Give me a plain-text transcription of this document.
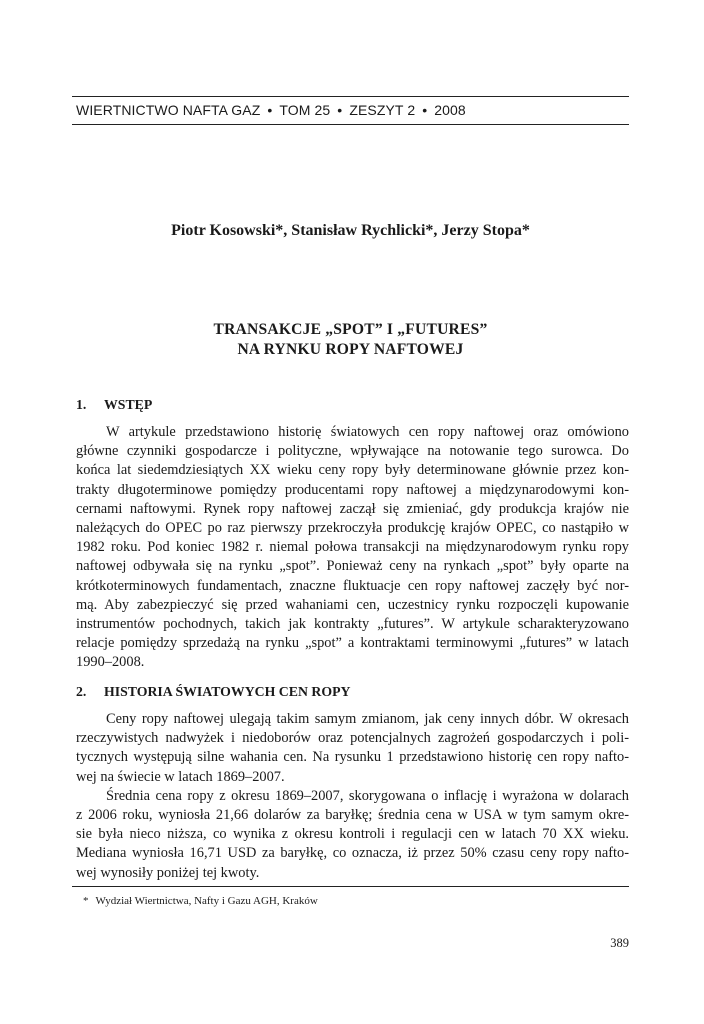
WIERTNICTWO NAFTA GAZ • TOM 25 • ZESZYT 2 • 2008
Piotr Kosowski*, Stanisław Rychlicki*, Jerzy Stopa*
TRANSAKCJE „SPOT” I „FUTURES”
NA RYNKU ROPY NAFTOWEJ
1. WSTĘP
W artykule przedstawiono historię światowych cen ropy naftowej oraz omówiono
główne czynniki gospodarcze i polityczne, wpływające na notowanie tego surowca. Do
końca lat siedemdziesiątych XX wieku ceny ropy były determinowane głównie przez kon-
trakty długoterminowe pomiędzy producentami ropy naftowej a międzynarodowymi kon-
cernami naftowymi. Rynek ropy naftowej zaczął się zmieniać, gdy produkcja krajów nie
należących do OPEC po raz pierwszy przekroczyła produkcję krajów OPEC, co nastąpiło w
1982 roku. Pod koniec 1982 r. niemal połowa transakcji na międzynarodowym rynku ropy
naftowej odbywała się na rynku „spot”. Ponieważ ceny na rynkach „spot” były oparte na
krótkoterminowych fundamentach, znaczne fluktuacje cen ropy naftowej zaczęły być nor-
mą. Aby zabezpieczyć się przed wahaniami cen, uczestnicy rynku rozpoczęli kupowanie
instrumentów pochodnych, takich jak kontrakty „futures”. W artykule scharakteryzowano
relacje pomiędzy sprzedażą na rynku „spot” a kontraktami terminowymi „futures” w latach
1990–2008.
2. HISTORIA ŚWIATOWYCH CEN ROPY
Ceny ropy naftowej ulegają takim samym zmianom, jak ceny innych dóbr. W okresach
rzeczywistych nadwyżek i niedoborów oraz potencjalnych zagrożeń gospodarczych i poli-
tycznych występują silne wahania cen. Na rysunku 1 przedstawiono historię cen ropy nafto-
wej na świecie w latach 1869–2007.
Średnia cena ropy z okresu 1869–2007, skorygowana o inflację i wyrażona w dolarach
z 2006 roku, wyniosła 21,66 dolarów za baryłkę; średnia cena w USA w tym samym okre-
sie była nieco niższa, co wynika z okresu kontroli i regulacji cen w latach 70 XX wieku.
Mediana wyniosła 16,71 USD za baryłkę, co oznacza, iż przez 50% czasu ceny ropy nafto-
wej wynosiły poniżej tej kwoty.
* Wydział Wiertnictwa, Nafty i Gazu AGH, Kraków
389
